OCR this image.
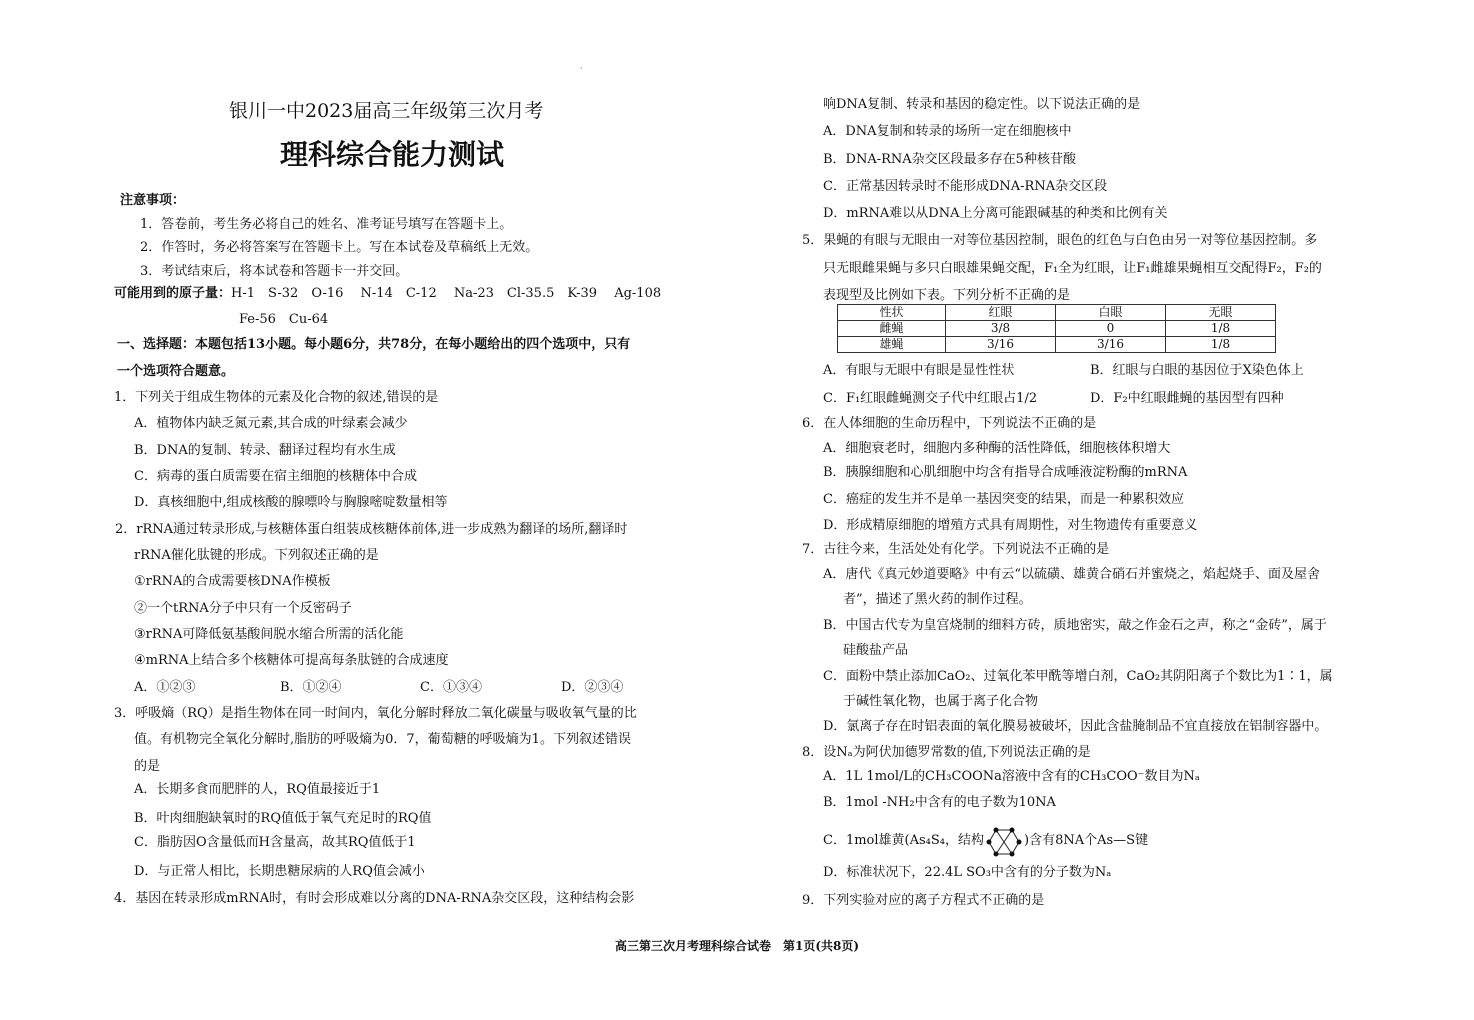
·
银川一中2023届高三年级第三次月考
理科综合能力测试
注意事项：
1．答卷前，考生务必将自己的姓名、准考证号填写在答题卡上。
2．作答时，务必将答案写在答题卡上。写在本试卷及草稿纸上无效。
3．考试结束后，将本试卷和答题卡一并交回。
可能用到的原子量：H-1　S-32　O-16　 N-14　C-12　 Na-23　Cl-35.5　K-39　 Ag-108
Fe-56　Cu-64
一、选择题：本题包括13小题。每小题6分，共78分，在每小题给出的四个选项中，只有
一个选项符合题意。
1．下列关于组成生物体的元素及化合物的叙述,错误的是
A．植物体内缺乏氮元素,其合成的叶绿素会减少
B．DNA的复制、转录、翻译过程均有水生成
C．病毒的蛋白质需要在宿主细胞的核糖体中合成
D．真核细胞中,组成核酸的腺嘌呤与胸腺嘧啶数量相等
2．rRNA通过转录形成,与核糖体蛋白组装成核糖体前体,进一步成熟为翻译的场所,翻译时
rRNA催化肽键的形成。下列叙述正确的是
①rRNA的合成需要核DNA作模板
②一个tRNA分子中只有一个反密码子
③rRNA可降低氨基酸间脱水缩合所需的活化能
④mRNA上结合多个核糖体可提高每条肽链的合成速度
A．①②③	B．①②④	C．①③④	D．②③④
3．呼吸熵（RQ）是指生物体在同一时间内，氧化分解时释放二氧化碳量与吸收氧气量的比
值。有机物完全氧化分解时,脂肪的呼吸熵为0．7，葡萄糖的呼吸熵为1。下列叙述错误
的是
A．长期多食而肥胖的人，RQ值最接近于1
B．叶肉细胞缺氧时的RQ值低于氧气充足时的RQ值
C．脂肪因O含量低而H含量高，故其RQ值低于1
D．与正常人相比，长期患糖尿病的人RQ值会减小
4．基因在转录形成mRNA时，有时会形成难以分离的DNA-RNA杂交区段，这种结构会影
响DNA复制、转录和基因的稳定性。以下说法正确的是
A．DNA复制和转录的场所一定在细胞核中
B．DNA-RNA杂交区段最多存在5种核苷酸
C．正常基因转录时不能形成DNA-RNA杂交区段
D．mRNA难以从DNA上分离可能跟碱基的种类和比例有关
5．果蝇的有眼与无眼由一对等位基因控制，眼色的红色与白色由另一对等位基因控制。多
只无眼雌果蝇与多只白眼雄果蝇交配，F₁全为红眼，让F₁雌雄果蝇相互交配得F₂，F₂的
表现型及比例如下表。下列分析不正确的是
性状	红眼	白眼	无眼
雌蝇	3/8	0	1/8
雄蝇	3/16	3/16	1/8
A．有眼与无眼中有眼是显性性状	B．红眼与白眼的基因位于X染色体上
C．F₁红眼雌蝇测交子代中红眼占1/2	D．F₂中红眼雌蝇的基因型有四种
6．在人体细胞的生命历程中，下列说法不正确的是
A．细胞衰老时，细胞内多种酶的活性降低，细胞核体积增大
B．胰腺细胞和心肌细胞中均含有指导合成唾液淀粉酶的mRNA
C．癌症的发生并不是单一基因突变的结果，而是一种累积效应
D．形成精原细胞的增殖方式具有周期性，对生物遗传有重要意义
7．古往今来，生活处处有化学。下列说法不正确的是
A．唐代《真元妙道要略》中有云“以硫磺、雄黄合硝石并蜜烧之，焰起烧手、面及屋舍
者”，描述了黑火药的制作过程。
B．中国古代专为皇宫烧制的细料方砖，质地密实，敲之作金石之声，称之“金砖”，属于
硅酸盐产品
C．面粉中禁止添加CaO₂、过氧化苯甲酰等增白剂，CaO₂其阴阳离子个数比为1∶1，属
于碱性氧化物，也属于离子化合物
D．氯离子存在时铝表面的氧化膜易被破坏，因此含盐腌制品不宜直接放在铝制容器中。
8．设Nₐ为阿伏加德罗常数的值,下列说法正确的是
A．1L 1mol/L的CH₃COONa溶液中含有的CH₃COO⁻数目为Nₐ
B．1mol -NH₂中含有的电子数为10NA
C．1mol雄黄(As₄S₄，结构	)含有8NA个As—S键
D．标准状况下，22.4L SO₃中含有的分子数为Nₐ
9．下列实验对应的离子方程式不正确的是
高三第三次月考理科综合试卷　第1页(共8页)
